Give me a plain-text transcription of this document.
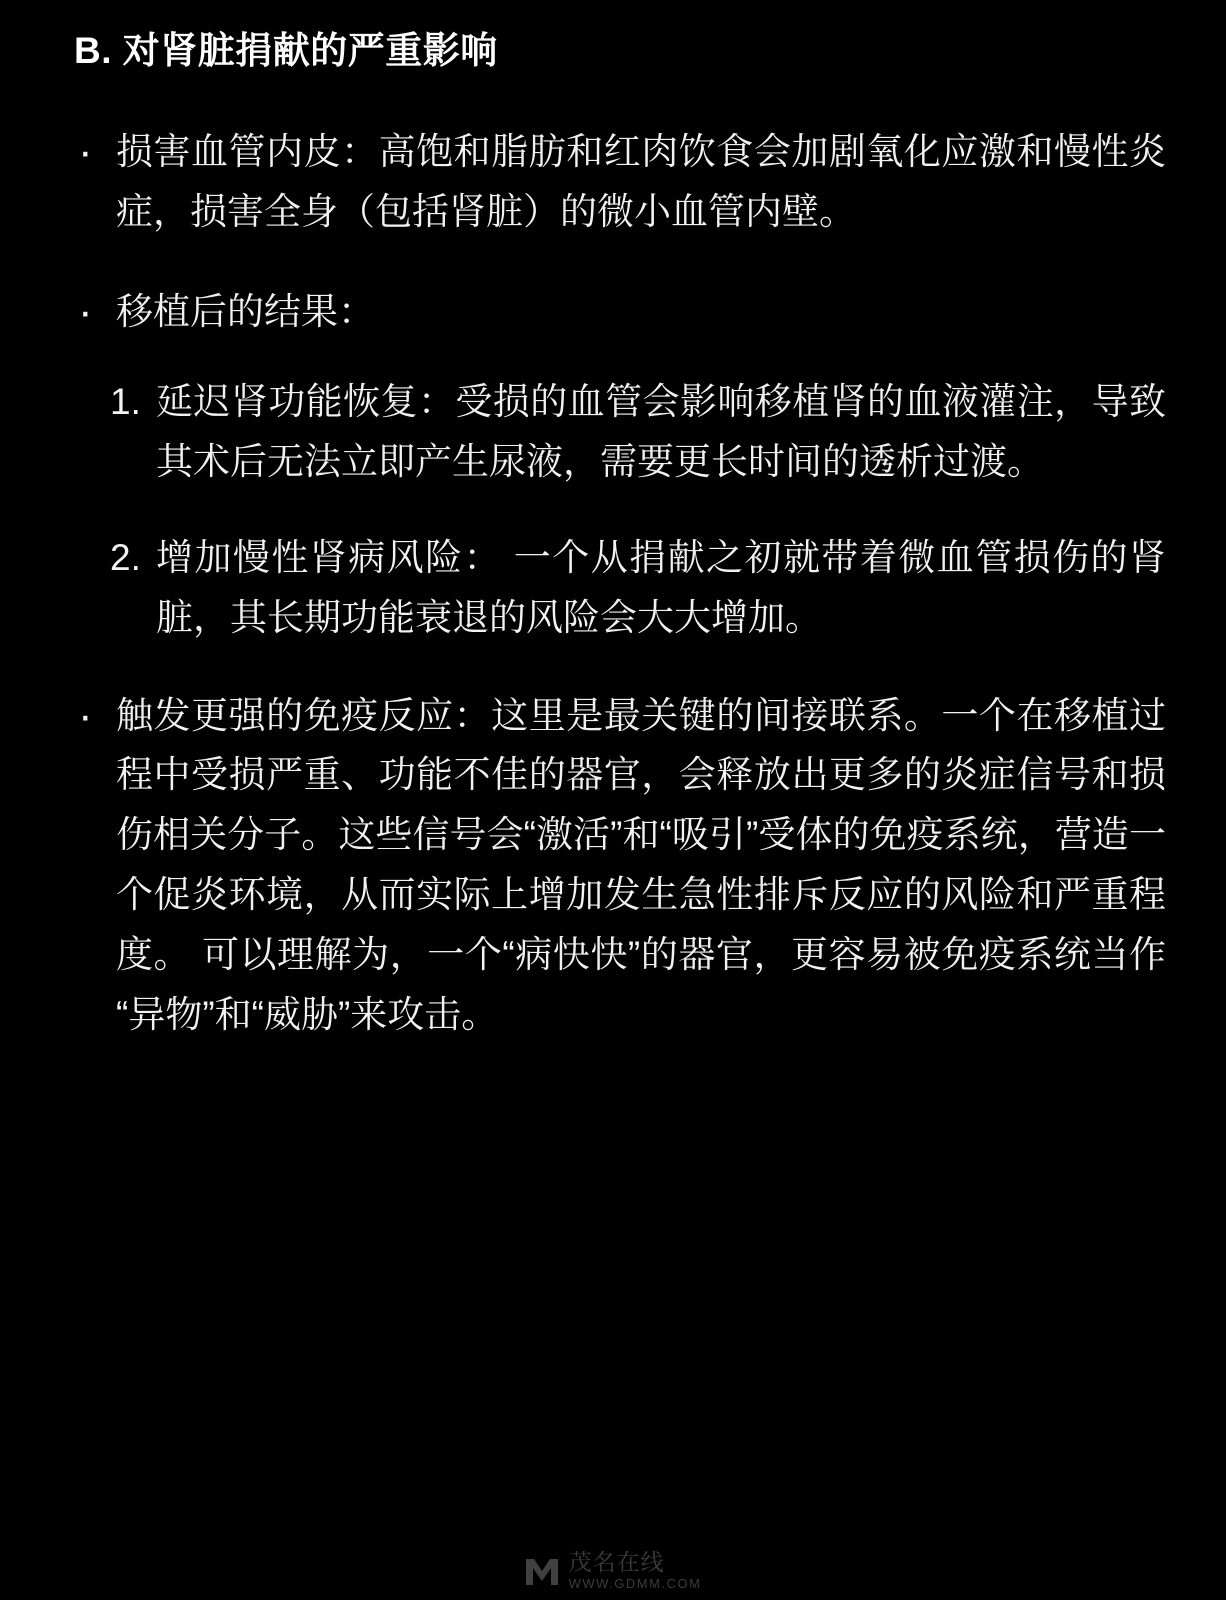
B. 对肾脏捐献的严重影响
· 损害血管内皮：高饱和脂肪和红肉饮食会加剧氧化应激和慢性炎症，损害全身（包括肾脏）的微小血管内壁。
· 移植后的结果：
1. 延迟肾功能恢复：受损的血管会影响移植肾的血液灌注，导致其术后无法立即产生尿液，需要更长时间的透析过渡。
2. 增加慢性肾病风险： 一个从捐献之初就带着微血管损伤的肾脏，其长期功能衰退的风险会大大增加。
· 触发更强的免疫反应：这里是最关键的间接联系。一个在移植过程中受损严重、功能不佳的器官，会释放出更多的炎症信号和损伤相关分子。这些信号会“激活”和“吸引”受体的免疫系统，营造一个促炎环境，从而实际上增加发生急性排斥反应的风险和严重程度。 可以理解为，一个“病快快”的器官，更容易被免疫系统当作“异物”和“威胁”来攻击。
茂名在线
WWW.GDMM.COM
